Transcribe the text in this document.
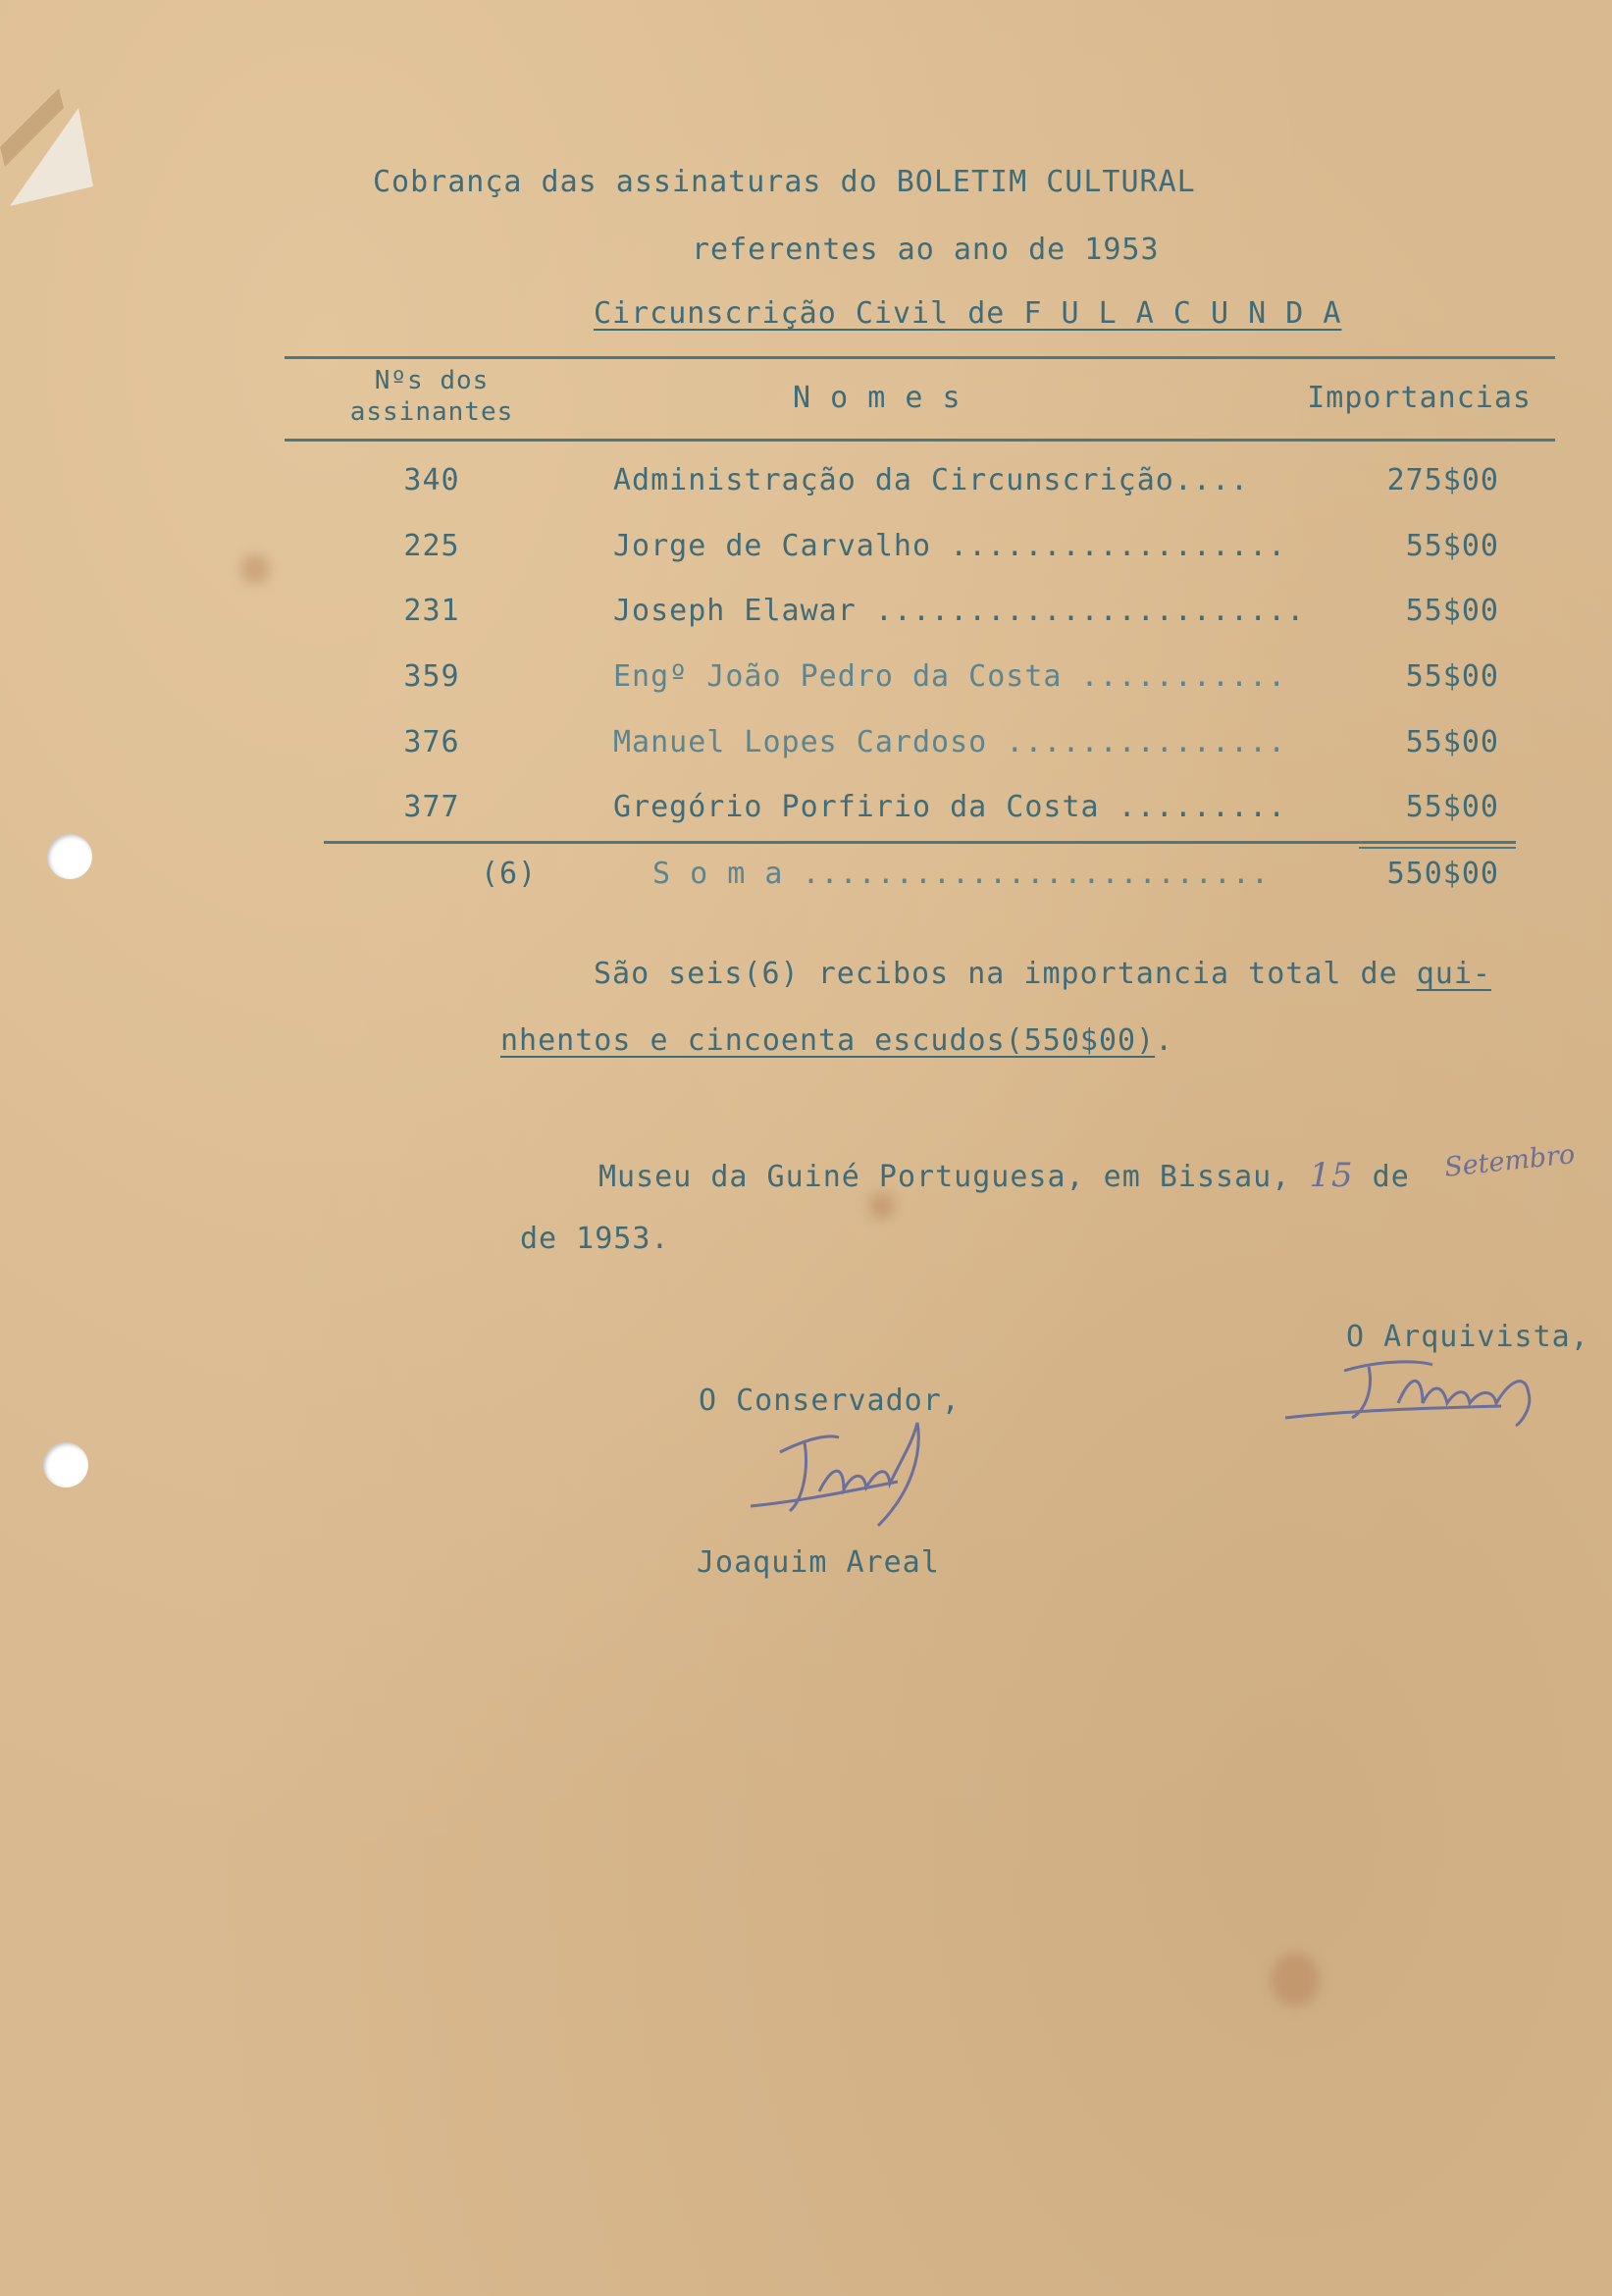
Cobrança das assinaturas do BOLETIM CULTURAL
referentes ao ano de 1953
Circunscrição Civil de F U L A C U N D A
Nºs dos
assinantes	N o m e s	Importancias
340	Administração da Circunscrição....	275$00
225	Jorge de Carvalho ..................	55$00
231	Joseph Elawar .......................	55$00
359	Engº João Pedro da Costa ...........	55$00
376	Manuel Lopes Cardoso ...............	55$00
377	Gregório Porfirio da Costa .........	55$00
(6)	S o m a .........................	550$00
São seis(6) recibos na importancia total de qui-
nhentos e cincoenta escudos(550$00).
Museu da Guiné Portuguesa, em Bissau, 15 de Setembro
de 1953.
O Arquivista,
O Conservador,
Joaquim Areal
